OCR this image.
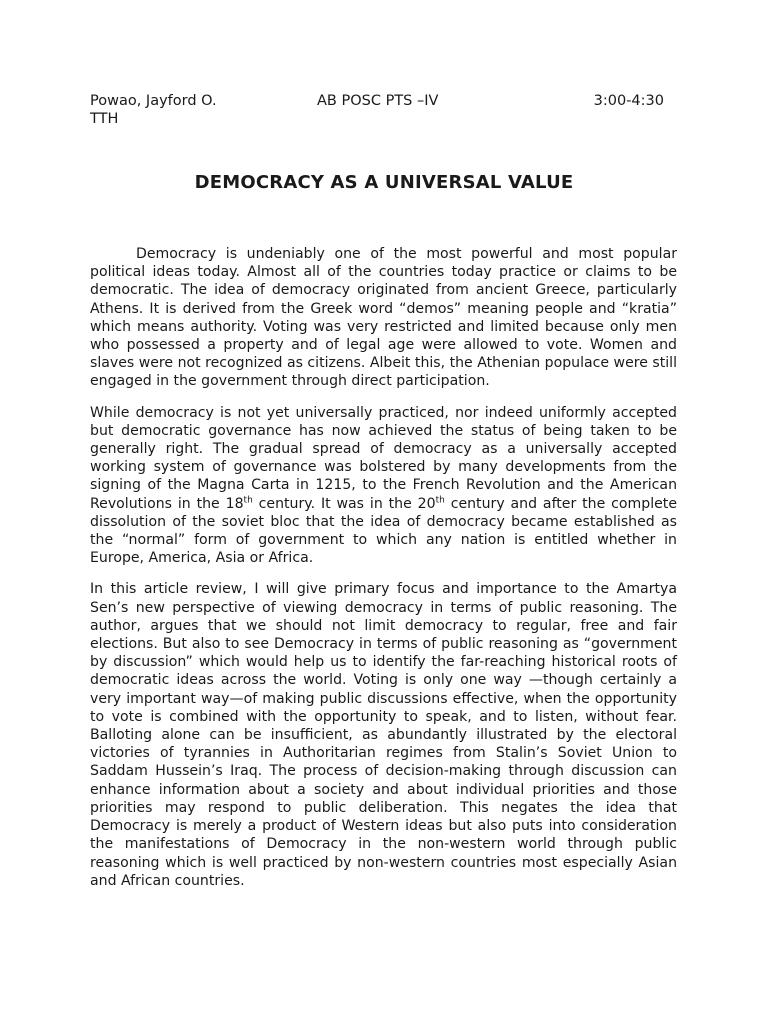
Powao, Jayford O.	AB POSC PTS –IV	3:00-4:30
TTH
DEMOCRACY AS A UNIVERSAL VALUE

Democracy is undeniably one of the most powerful and most popular political ideas today. Almost all of the countries today practice or claims to be democratic. The idea of democracy originated from ancient Greece, particularly Athens. It is derived from the Greek word “demos” meaning people and “kratia” which means authority. Voting was very restricted and limited because only men who possessed a property and of legal age were allowed to vote. Women and slaves were not recognized as citizens. Albeit this, the Athenian populace were still engaged in the government through direct participation.

While democracy is not yet universally practiced, nor indeed uniformly accepted but democratic governance has now achieved the status of being taken to be generally right. The gradual spread of democracy as a universally accepted working system of governance was bolstered by many developments from the signing of the Magna Carta in 1215, to the French Revolution and the American Revolutions in the 18th century. It was in the 20th century and after the complete dissolution of the soviet bloc that the idea of democracy became established as the “normal” form of government to which any nation is entitled whether in Europe, America, Asia or Africa.

In this article review, I will give primary focus and importance to the Amartya Sen’s new perspective of viewing democracy in terms of public reasoning. The author, argues that we should not limit democracy to regular, free and fair elections. But also to see Democracy in terms of public reasoning as “government by discussion” which would help us to identify the far-reaching historical roots of democratic ideas across the world. Voting is only one way —though certainly a very important way—of making public discussions effective, when the opportunity to vote is combined with the opportunity to speak, and to listen, without fear. Balloting alone can be insufficient, as abundantly illustrated by the electoral victories of tyrannies in Authoritarian regimes from Stalin’s Soviet Union to Saddam Hussein’s Iraq. The process of decision-making through discussion can enhance information about a society and about individual priorities and those priorities may respond to public deliberation. This negates the idea that Democracy is merely a product of Western ideas but also puts into consideration the manifestations of Democracy in the non-western world through public reasoning which is well practiced by non-western countries most especially Asian and African countries.
